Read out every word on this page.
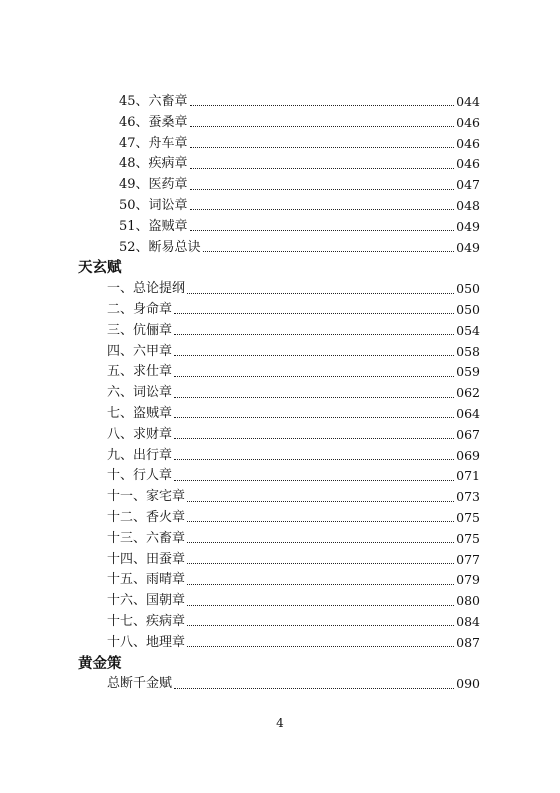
45、六畜章	044
46、蚕桑章	046
47、舟车章	046
48、疾病章	046
49、医药章	047
50、词讼章	048
51、盗贼章	049
52、断易总诀	049
天玄赋
一、总论提纲	050
二、身命章	050
三、伉俪章	054
四、六甲章	058
五、求仕章	059
六、词讼章	062
七、盗贼章	064
八、求财章	067
九、出行章	069
十、行人章	071
十一、家宅章	073
十二、香火章	075
十三、六畜章	075
十四、田蚕章	077
十五、雨晴章	079
十六、国朝章	080
十七、疾病章	084
十八、地理章	087
黄金策
总断千金赋	090
4
